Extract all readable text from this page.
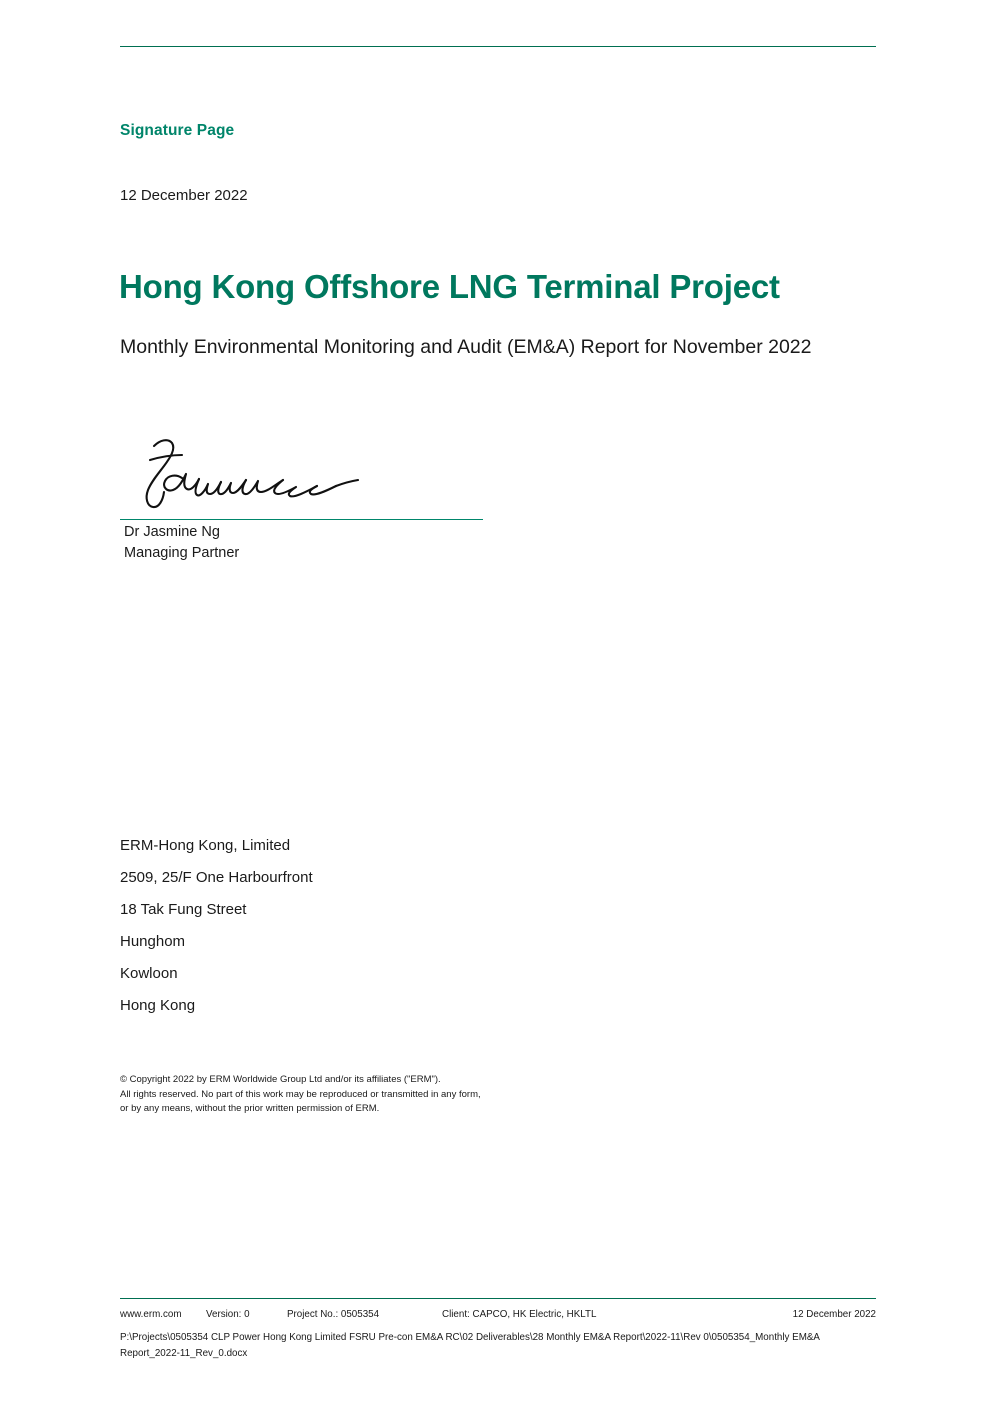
Signature Page
12 December 2022
Hong Kong Offshore LNG Terminal Project
Monthly Environmental Monitoring and Audit (EM&A) Report for November 2022
Dr Jasmine Ng
Managing Partner
ERM-Hong Kong, Limited
2509, 25/F One Harbourfront
18 Tak Fung Street
Hunghom
Kowloon
Hong Kong
© Copyright 2022 by ERM Worldwide Group Ltd and/or its affiliates ("ERM").
All rights reserved. No part of this work may be reproduced or transmitted in any form,
or by any means, without the prior written permission of ERM.
www.erm.com Version: 0	Project No.: 0505354	Client: CAPCO, HK Electric, HKLTL	12 December 2022
P:\Projects\0505354 CLP Power Hong Kong Limited FSRU Pre-con EM&A RC\02 Deliverables\28 Monthly EM&A Report\2022-11\Rev 0\0505354_Monthly EM&A Report_2022-11_Rev_0.docx
